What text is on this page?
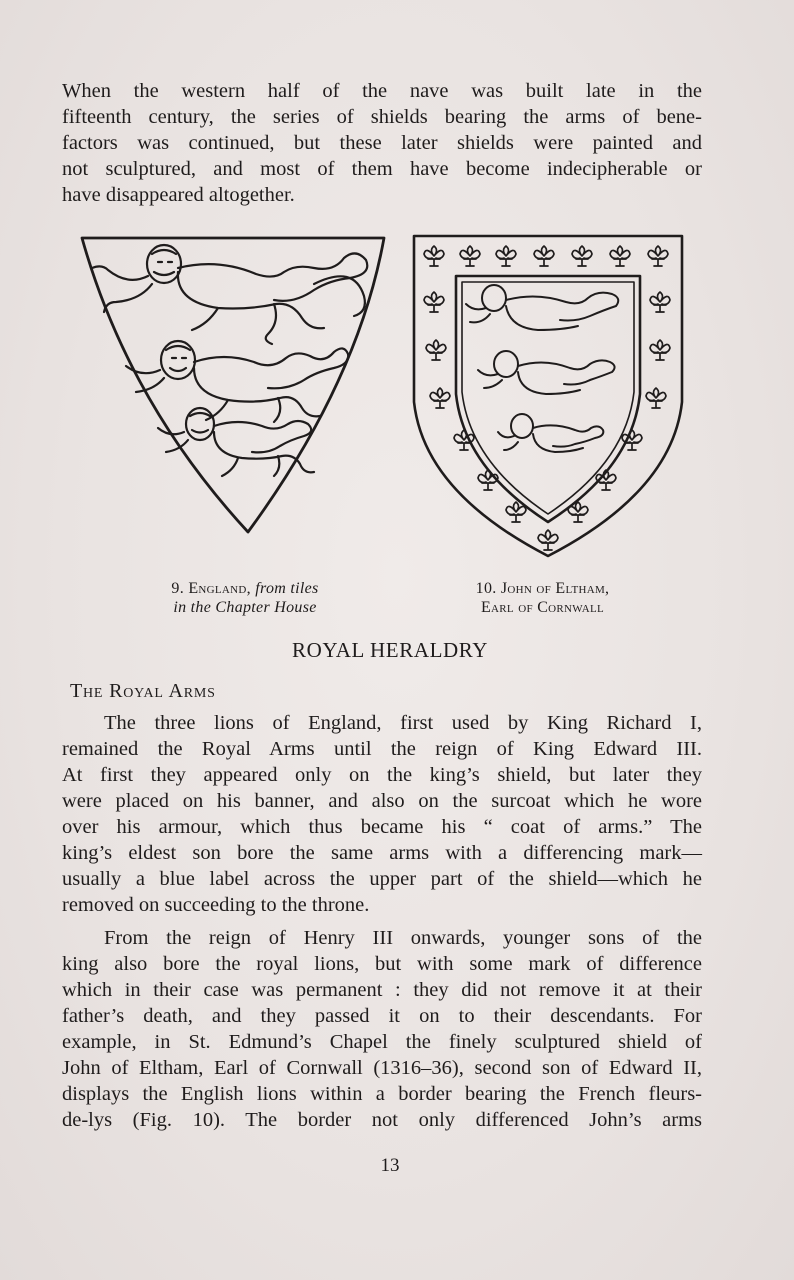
When the western half of the nave was built late in the
fifteenth century, the series of shields bearing the arms of bene-
factors was continued, but these later shields were painted and
not sculptured, and most of them have become indecipherable or
have disappeared altogether.

9. England, from tiles
in the Chapter House
10. John of Eltham,
Earl of Cornwall
ROYAL HERALDRY
The Royal Arms

The three lions of England, first used by King Richard I,
remained the Royal Arms until the reign of King Edward III.
At first they appeared only on the king’s shield, but later they
were placed on his banner, and also on the surcoat which he wore
over his armour, which thus became his “ coat of arms.” The
king’s eldest son bore the same arms with a differencing mark—
usually a blue label across the upper part of the shield—which he
removed on succeeding to the throne.

From the reign of Henry III onwards, younger sons of the
king also bore the royal lions, but with some mark of difference
which in their case was permanent : they did not remove it at their
father’s death, and they passed it on to their descendants. For
example, in St. Edmund’s Chapel the finely sculptured shield of
John of Eltham, Earl of Cornwall (1316–36), second son of Edward II,
displays the English lions within a border bearing the French fleurs-
de-lys (Fig. 10). The border not only differenced John’s arms

13
